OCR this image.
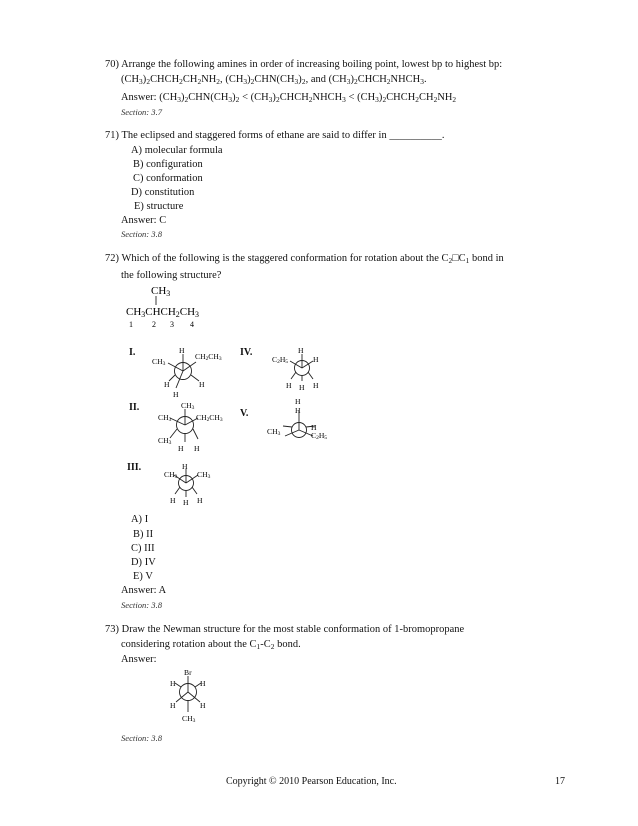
70) Arrange the following amines in order of increasing boiling point, lowest bp to highest bp:
(CH3)2CHCH2CH2NH2, (CH3)2CHN(CH3)2, and (CH3)2CHCH2NHCH3.
Answer: (CH3)2CHN(CH3)2 < (CH3)2CHCH2NHCH3 < (CH3)2CHCH2CH2NH2
Section: 3.7
71) The eclipsed and staggered forms of ethane are said to differ in __________.
A) molecular formula
B) configuration
C) conformation
D) constitution
E) structure
Answer: C
Section: 3.8
72) Which of the following is the staggered conformation for rotation about the C2□C1 bond in
the following structure?
CH3
CH3CHCH2CH3
1 2 3 4
I.
II.
III.
IV.
V.
CH3
H
CH2CH3
H
H
H
CH3
CH3
CH2CH3
CH3
H H
CH3
H
CH3
H H H
C2H5
H
H
H H H
H
H
CH3	C2H5
H
A) I
B) II
C) III
D) IV
E) V
Answer: A
Section: 3.8
73) Draw the Newman structure for the most stable conformation of 1-bromopropane
considering rotation about the C1-C2 bond.
Answer:
Br
H	H
H	H
CH3
Section: 3.8
Copyright © 2010 Pearson Education, Inc.	17
